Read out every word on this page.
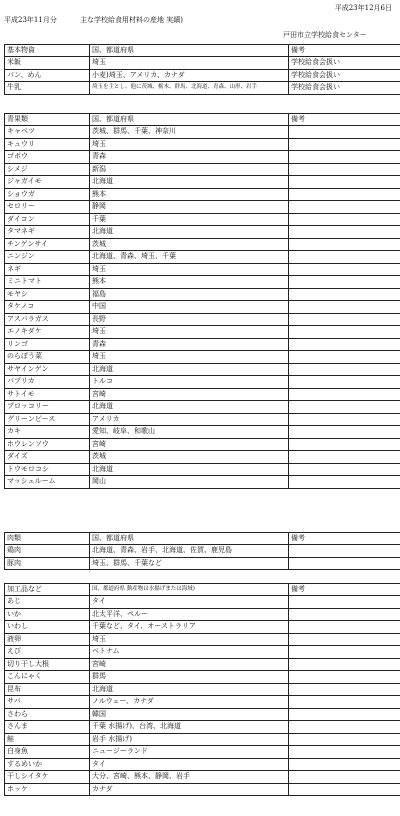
平成23年12月6日
平成23年11月分	主な学校給食用材料の産地 実績)
戸田市立学校給食センター
基本物資	国、都道府県	備考
米飯	埼玉	学校給食会扱い
パン、めん	小麦)埼玉、アメリカ、カナダ	学校給食会扱い
牛乳	埼玉を主とし、他に茨城、栃木、群馬、北海道、青森、山形、岩手	学校給食会扱い
青果類	国、都道府県	備考
キャベツ	茨城、群馬、千葉、神奈川	
キュウリ	埼玉	
ゴボウ	青森	
シメジ	新潟	
ジャガイモ	北海道	
ショウガ	熊本	
セロリー	静岡	
ダイコン	千葉	
タマネギ	北海道	
チンゲンサイ	茨城	
ニンジン	北海道、青森、埼玉、千葉	
ネギ	埼玉	
ミニトマト	熊本	
モヤシ	福島	
タケノコ	中国	
アスパラガス	長野	
エノキダケ	埼玉	
リンゴ	青森	
のらぼう菜	埼玉	
サヤインゲン	北海道	
パプリカ	トルコ	
サトイモ	宮崎	
ブロッコリー	北海道	
グリーンピース	アメリカ	
カキ	愛知、岐阜、和歌山	
ホウレンソウ	宮崎	
ダイズ	茨城	
トウモロコシ	北海道	
マッシュルーム	岡山	
肉類	国、都道府県	備考
鶏肉	北海道、青森、岩手、北海道、佐賀、鹿児島	
豚肉	埼玉、群馬、千葉など	
加工品など	国、都道府県 動産物は水揚げまたは海域)	備考
あじ	タイ	
いか	北太平洋、ペルー	
いわし	千葉など、タイ、オーストラリア	
液卵	埼玉	
えび	ベトナム	
切り干し大根	宮崎	
こんにゃく	群馬	
昆布	北海道	
サバ	ノルウェー、カナダ	
さわら	韓国	
さんま	千葉 水揚げ)、台湾、北海道	
鮭	岩手 水揚げ)	
白身魚	ニュージーランド	
するめいか	タイ	
干しシイタケ	大分、宮崎、熊本、静岡、岩手	
ホッケ	カナダ	
